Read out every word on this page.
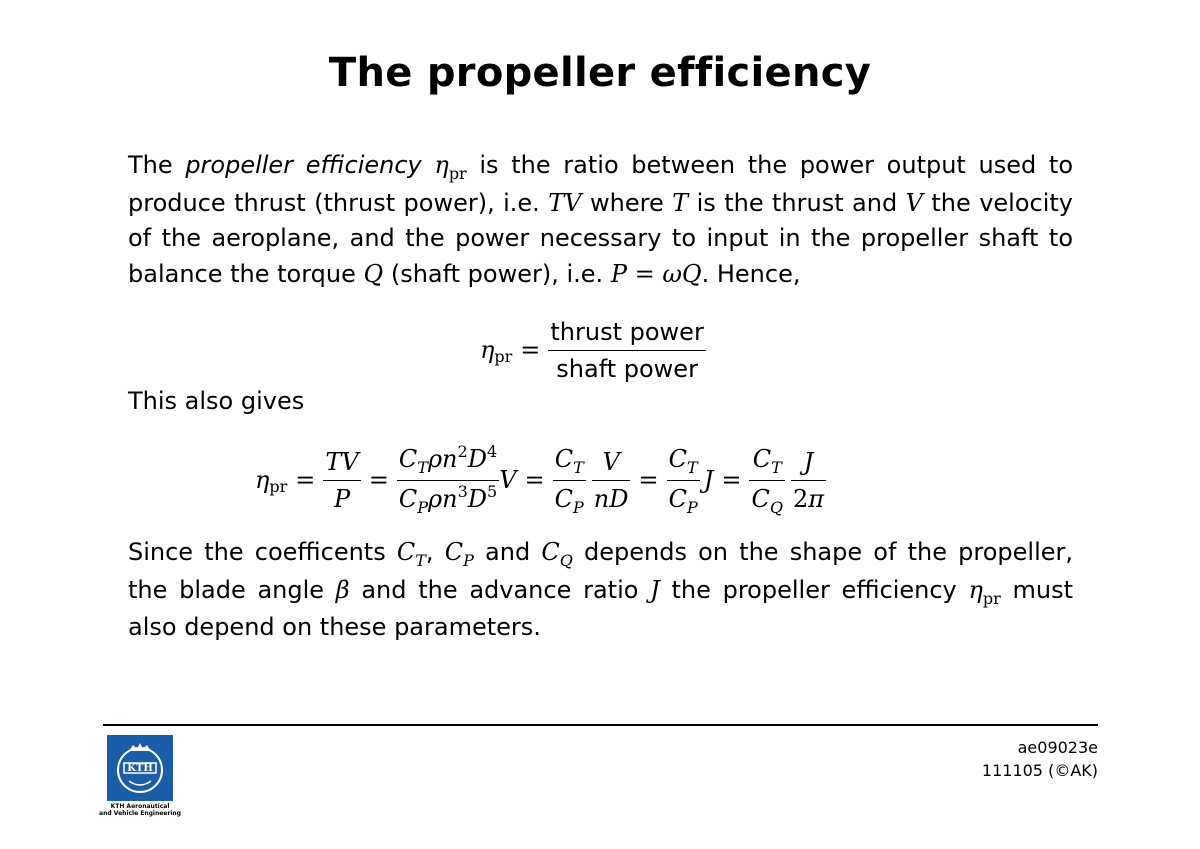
The propeller efficiency

The propeller efficiency $\eta_{pr}$ is the ratio between the power output used to produce thrust (thrust power), i.e. TV where T is the thrust and V the velocity of the aeroplane, and the power necessary to input in the propeller shaft to balance the torque Q (shaft power), i.e. P = ωQ. Hence,

η pr = $\frac{\text{thrust power}}{\text{shaft power}}$

This also gives

η pr = $\frac{TV}{P} = \frac{C_T\rho n^2D^4}{C_P\rho n^3D^5}$ $V = \frac{C_T}{C_P} \frac{V}{nD} = \frac{C_T}{C_P}$ $J = \frac{C_T}{C_Q} \frac{J}{2\pi}$

Since the coefficents $C_T$, $C_P$ and $C_Q$ depends on the shape of the propeller, the blade angle β and the advance ratio J the propeller efficiency $\eta_{pr}$ must also depend on these parameters.

KTH
KTH Aeronautical
and Vehicle Engineering
ae09023e
111105 (©AK)
